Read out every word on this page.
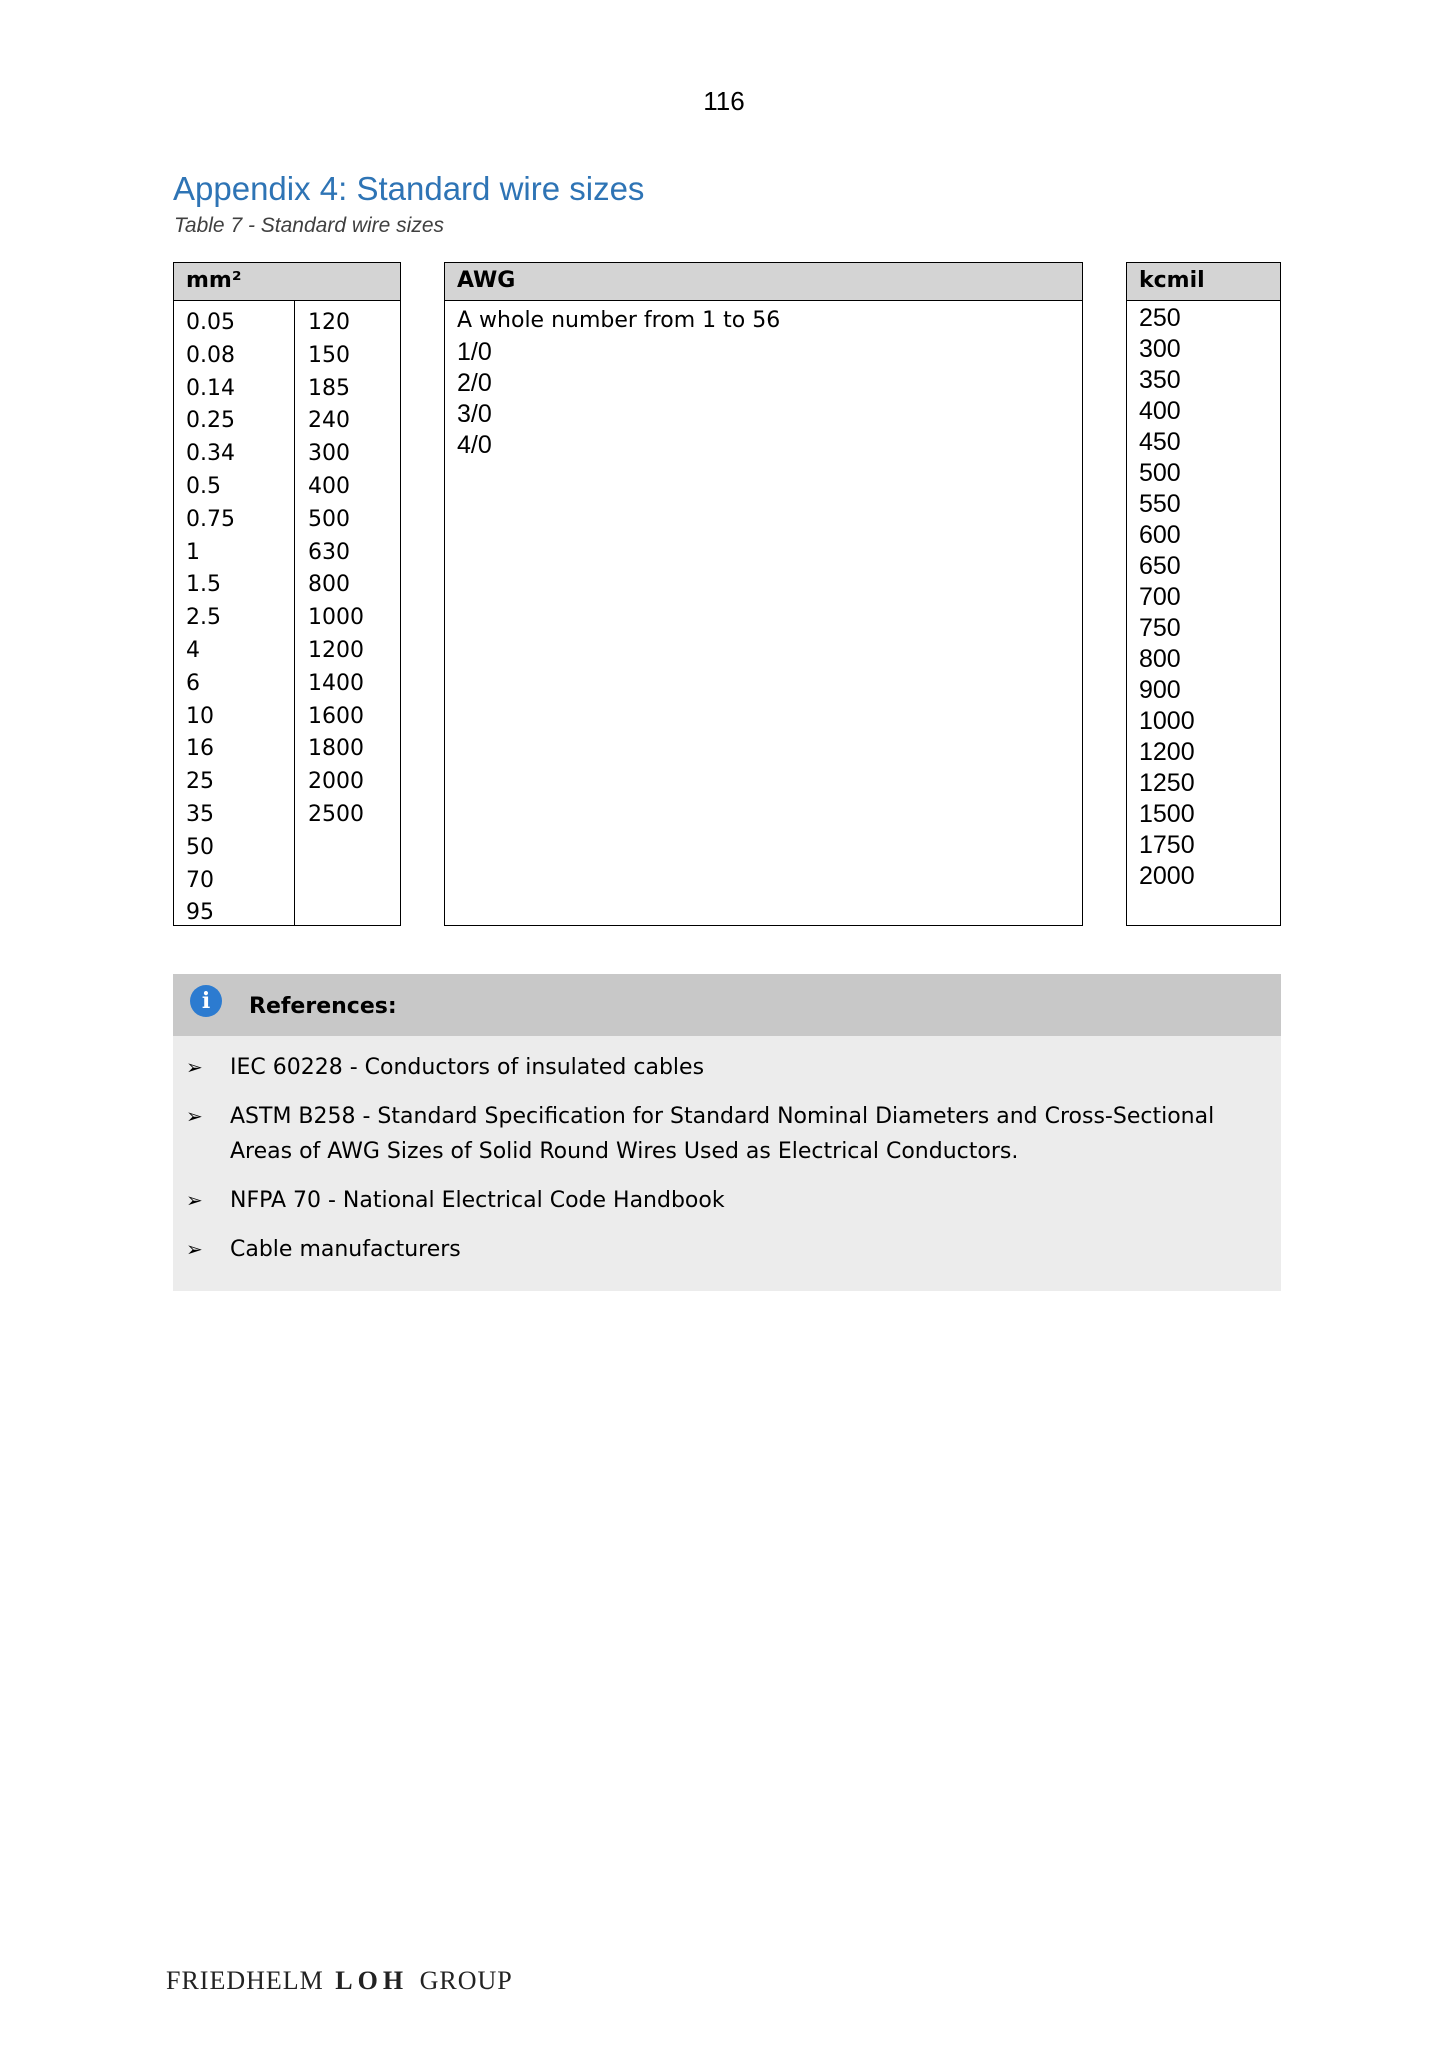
116
Appendix 4: Standard wire sizes
Table 7 - Standard wire sizes
mm²
0.05
0.08
0.14
0.25
0.34
0.5
0.75
1
1.5
2.5
4
6
10
16
25
35
50
70
95
120
150
185
240
300
400
500
630
800
1000
1200
1400
1600
1800
2000
2500
AWG
A whole number from 1 to 56
1/0
2/0
3/0
4/0
kcmil
250
300
350
400
450
500
550
600
650
700
750
800
900
1000
1200
1250
1500
1750
2000
i	References:
➢ IEC 60228 - Conductors of insulated cables
➢ ASTM B258 - Standard Specification for Standard Nominal Diameters and Cross-Sectional Areas of AWG Sizes of Solid Round Wires Used as Electrical Conductors.
➢ NFPA 70 - National Electrical Code Handbook
➢ Cable manufacturers
FRIEDHELM LOH GROUP
